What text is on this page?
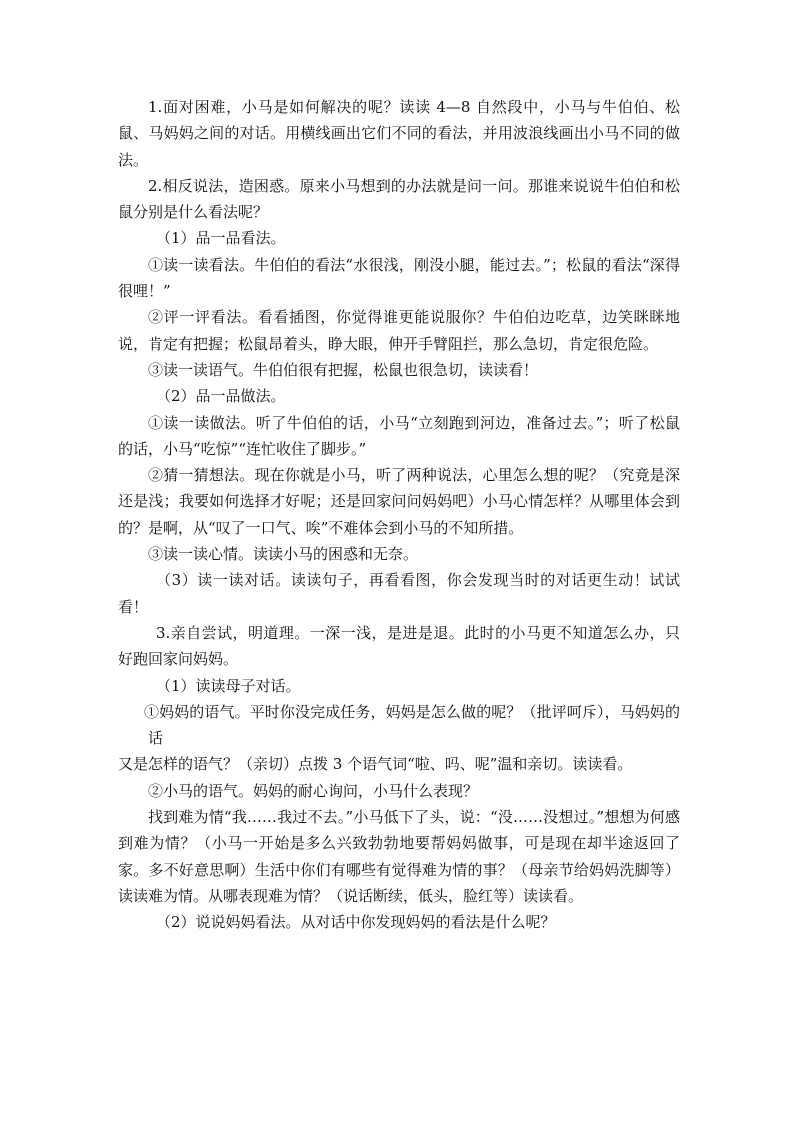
1.面对困难，小马是如何解决的呢？读读 4—8 自然段中，小马与牛伯伯、松鼠、马妈妈之间的对话。用横线画出它们不同的看法，并用波浪线画出小马不同的做法。

2.相反说法，造困惑。原来小马想到的办法就是问一问。那谁来说说牛伯伯和松鼠分别是什么看法呢？

（1）品一品看法。

①读一读看法。牛伯伯的看法“水很浅，刚没小腿，能过去。”；松鼠的看法“深得很哩！”

②评一评看法。看看插图，你觉得谁更能说服你？牛伯伯边吃草，边笑眯眯地说，肯定有把握；松鼠昂着头，睁大眼，伸开手臂阻拦，那么急切，肯定很危险。

③读一读语气。牛伯伯很有把握，松鼠也很急切，读读看！

（2）品一品做法。

①读一读做法。听了牛伯伯的话，小马“立刻跑到河边，准备过去。”；听了松鼠的话，小马“吃惊”“连忙收住了脚步。”

②猜一猜想法。现在你就是小马，听了两种说法，心里怎么想的呢？（究竟是深还是浅；我要如何选择才好呢；还是回家问问妈妈吧）小马心情怎样？从哪里体会到的？是啊，从“叹了一口气、唉”不难体会到小马的不知所措。

③读一读心情。读读小马的困惑和无奈。

（3）读一读对话。读读句子，再看看图，你会发现当时的对话更生动！试试看！

3.亲自尝试，明道理。一深一浅，是进是退。此时的小马更不知道怎么办，只好跑回家问妈妈。

（1）读读母子对话。

①妈妈的语气。平时你没完成任务，妈妈是怎么做的呢？（批评呵斥），马妈妈的话

又是怎样的语气？（亲切）点拨 3 个语气词“啦、吗、呢”温和亲切。读读看。

②小马的语气。妈妈的耐心询问，小马什么表现？

找到难为情“我……我过不去。”小马低下了头，说：“没……没想过。”想想为何感到难为情？（小马一开始是多么兴致勃勃地要帮妈妈做事，可是现在却半途返回了家。多不好意思啊）生活中你们有哪些有觉得难为情的事？（母亲节给妈妈洗脚等）读读难为情。从哪表现难为情？（说话断续，低头，脸红等）读读看。

（2）说说妈妈看法。从对话中你发现妈妈的看法是什么呢？
